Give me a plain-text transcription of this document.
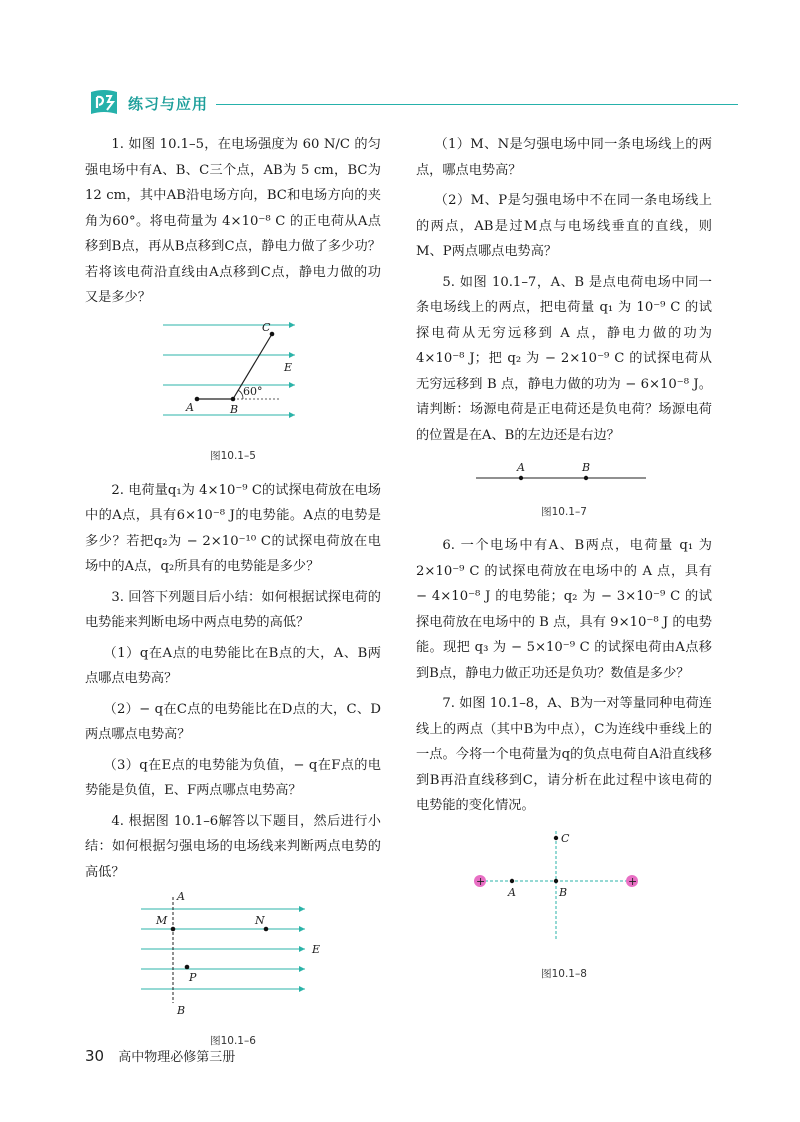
练习与应用

1. 如图 10.1–5，在电场强度为 60 N/C 的匀强电场中有A、B、C三个点，AB为 5 cm，BC为 12 cm，其中AB沿电场方向，BC和电场方向的夹角为60°。将电荷量为 4×10⁻⁸ C 的正电荷从A点移到B点，再从B点移到C点，静电力做了多少功？若将该电荷沿直线由A点移到C点，静电力做的功又是多少？

A	B
C
E
60°
图10.1–5

2. 电荷量q₁为 4×10⁻⁹ C的试探电荷放在电场中的A点，具有6×10⁻⁸ J的电势能。A点的电势是多少？若把q₂为 − 2×10⁻¹⁰ C的试探电荷放在电场中的A点，q₂所具有的电势能是多少？

3. 回答下列题目后小结：如何根据试探电荷的电势能来判断电场中两点电势的高低？

（1）q在A点的电势能比在B点的大，A、B两点哪点电势高？

（2）− q在C点的电势能比在D点的大，C、D两点哪点电势高？

（3）q在E点的电势能为负值，− q在F点的电势能是负值，E、F两点哪点电势高？

4. 根据图 10.1–6解答以下题目，然后进行小结：如何根据匀强电场的电场线来判断两点电势的高低？

A
B
M	N
P
E
图10.1–6

（1）M、N是匀强电场中同一条电场线上的两点，哪点电势高？

（2）M、P是匀强电场中不在同一条电场线上的两点，AB是过M点与电场线垂直的直线，则M、P两点哪点电势高？

5. 如图 10.1–7，A、B 是点电荷电场中同一条电场线上的两点，把电荷量 q₁ 为 10⁻⁹ C 的试探电荷从无穷远移到 A 点，静电力做的功为 4×10⁻⁸ J；把 q₂ 为 − 2×10⁻⁹ C 的试探电荷从无穷远移到 B 点，静电力做的功为 − 6×10⁻⁸ J。请判断：场源电荷是正电荷还是负电荷？场源电荷的位置是在A、B的左边还是右边？

A	B
图10.1–7

6. 一个电场中有A、B两点，电荷量 q₁ 为 2×10⁻⁹ C 的试探电荷放在电场中的 A 点，具有 − 4×10⁻⁸ J 的电势能；q₂ 为 − 3×10⁻⁹ C 的试探电荷放在电场中的 B 点，具有 9×10⁻⁸ J 的电势能。现把 q₃ 为 − 5×10⁻⁹ C 的试探电荷由A点移到B点，静电力做正功还是负功？数值是多少？

7. 如图 10.1–8，A、B为一对等量同种电荷连线上的两点（其中B为中点），C为连线中垂线上的一点。今将一个电荷量为q的负点电荷自A沿直线移到B再沿直线移到C，请分析在此过程中该电荷的电势能的变化情况。

+	+
A	B
C
图10.1–8
30 高中物理必修第三册
